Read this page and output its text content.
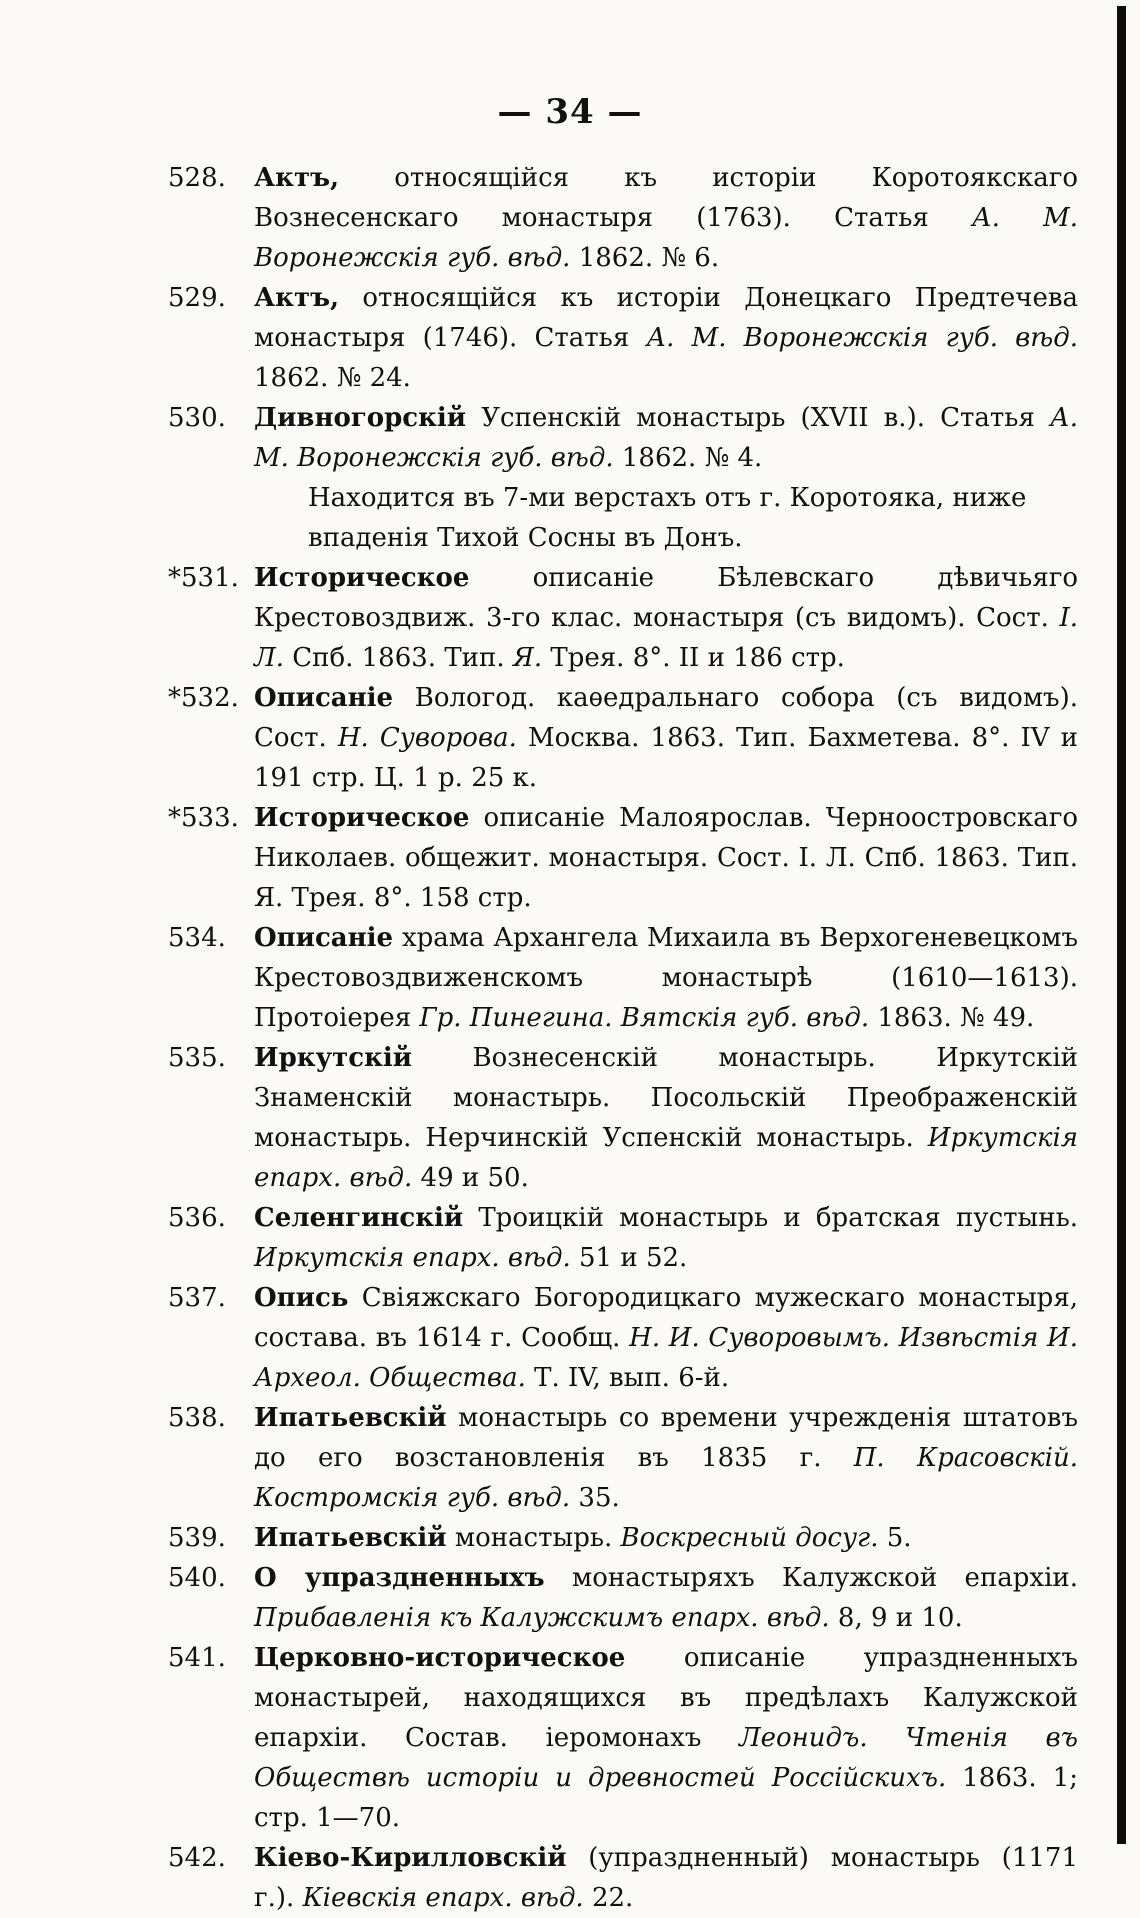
— 34 —
528.	Актъ, относящійся къ исторіи Коротоякскаго Вознесенскаго монастыря (1763). Статья А. М. Воронежскія губ. вѣд. 1862. № 6.
529.	Актъ, относящійся къ исторіи Донецкаго Предтечева монастыря (1746). Статья А. М. Воронежскія губ. вѣд. 1862. № 24.
530.	Дивногорскій Успенскій монастырь (XVII в.). Статья А. М. Воронежскія губ. вѣд. 1862. № 4.
Находится въ 7-ми верстахъ отъ г. Коротояка, ниже впаденія Тихой Сосны въ Донъ.
*531. Историческое описаніе Бѣлевскаго дѣвичьяго Крестовоздвиж. 3-го клас. монастыря (съ видомъ). Сост. I. Л. Спб. 1863. Тип. Я. Трея. 8°. II и 186 стр.
*532. Описаніе Вологод. каѳедральнаго собора (съ видомъ). Сост. Н. Суворова. Москва. 1863. Тип. Бахметева. 8°. IV и 191 стр. Ц. 1 р. 25 к.
*533. Историческое описаніе Малоярослав. Черноостровскаго Николаев. общежит. монастыря. Сост. I. Л. Спб. 1863. Тип. Я. Трея. 8°. 158 стр.
534.	Описаніе храма Архангела Михаила въ Верхогеневецкомъ Крестовоздвиженскомъ монастырѣ (1610—1613). Протоіерея Гр. Пинегина. Вятскія губ. вѣд. 1863. № 49.
535.	Иркутскій Вознесенскій монастырь. Иркутскій Знаменскій монастырь. Посольскій Преображенскій монастырь. Нерчинскій Успенскій монастырь. Иркутскія епарх. вѣд. 49 и 50.
536.	Селенгинскій Троицкій монастырь и братская пустынь. Иркутскія епарх. вѣд. 51 и 52.
537.	Опись Свіяжскаго Богородицкаго мужескаго монастыря, состава. въ 1614 г. Сообщ. Н. И. Суворовымъ. Извѣстія И. Археол. Общества. Т. IV, вып. 6-й.
538.	Ипатьевскій монастырь со времени учрежденія штатовъ до его возстановленія въ 1835 г. П. Красовскій. Костромскія губ. вѣд. 35.
539.	Ипатьевскій монастырь. Воскресный досуг. 5.
540.	О упраздненныхъ монастыряхъ Калужской епархіи. Прибавленія къ Калужскимъ епарх. вѣд. 8, 9 и 10.
541.	Церковно-историческое описаніе упраздненныхъ монастырей, находящихся въ предѣлахъ Калужской епархіи. Состав. іеромонахъ Леонидъ. Чтенія въ Обществѣ исторіи и древностей Россійскихъ. 1863. 1; стр. 1—70.
542.	Кіево-Кирилловскій (упраздненный) монастырь (1171 г.). Кіевскія епарх. вѣд. 22.
